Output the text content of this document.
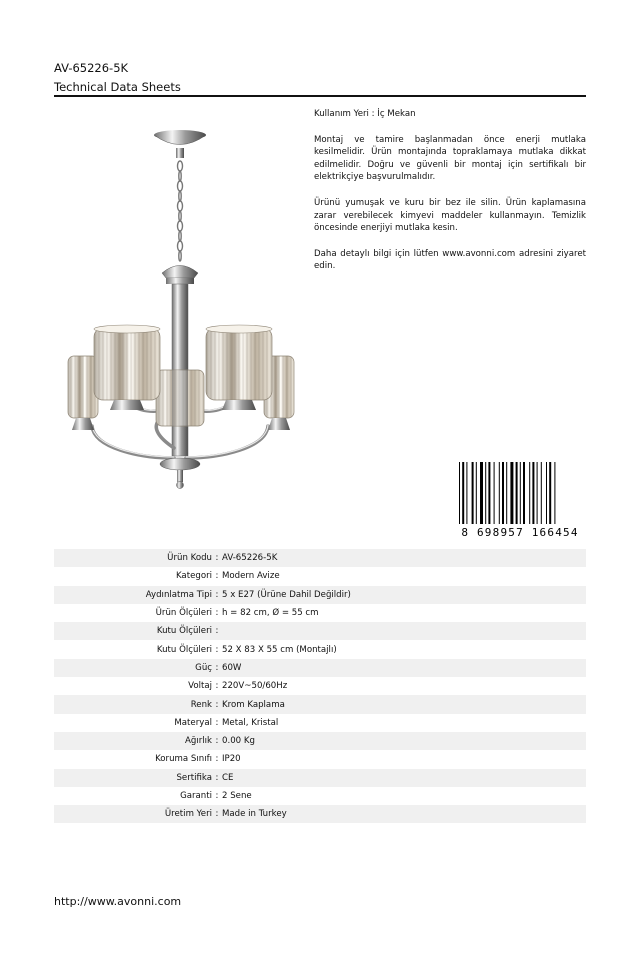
AV-65226-5K
Technical Data Sheets

Kullanım Yeri : İç Mekan

Montaj ve tamire başlanmadan önce enerji mutlaka kesilmelidir. Ürün montajında topraklamaya mutlaka dikkat edilmelidir. Doğru ve güvenli bir montaj için sertifikalı bir elektrikçiye başvurulmalıdır.

Ürünü yumuşak ve kuru bir bez ile silin. Ürün kaplamasına zarar verebilecek kimyevi maddeler kullanmayın. Temizlik öncesinde enerjiyi mutlaka kesin.

Daha detaylı bilgi için lütfen www.avonni.com adresini ziyaret edin.

8 698957 166454
Ürün Kodu : AV-65226-5K
Kategori : Modern Avize
Aydınlatma Tipi : 5 x E27 (Ürüne Dahil Değildir)
Ürün Ölçüleri : h = 82 cm, Ø = 55 cm
Kutu Ölçüleri :
Kutu Ölçüleri : 52 X 83 X 55 cm (Montajlı)
Güç : 60W
Voltaj : 220V~50/60Hz
Renk : Krom Kaplama
Materyal : Metal, Kristal
Ağırlık : 0.00 Kg
Koruma Sınıfı : IP20
Sertifika : CE
Garanti : 2 Sene
Üretim Yeri : Made in Turkey
http://www.avonni.com
